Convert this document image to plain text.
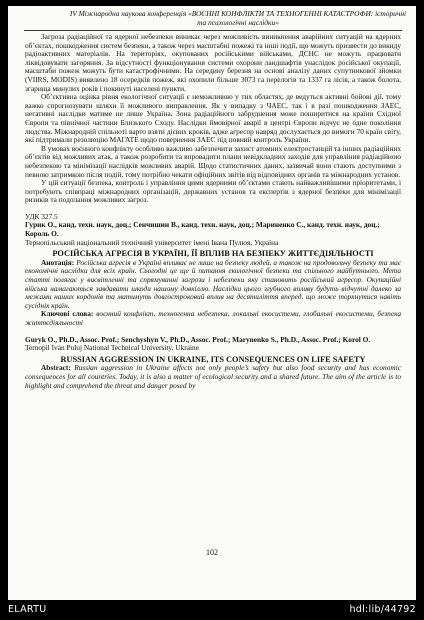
IV Міжнародна наукова конференція «ВОЄННІ КОНФЛІКТИ ТА ТЕХНОГЕННІ КАТАСТРОФИ: історичні
та психологічні наслідки»

Загроза радіаційної та ядерної небезпеки виникає через можливість виникнення аварійних ситуацій на ядерних об’єктах, пошкодження систем безпеки, а також через масштабні пожежі та інші події, що можуть призвести до викиду радіоактивних матеріалів. На територіях, окупованих російськими військами, ДСНС не можуть працювати ліквідовувати загоряння. За відсутності функціонування системи охорони ландшафтів унаслідок російської окупації, масштаби пожеж можуть бути катастрофічними. На середину березня на основі аналізу даних супутникової зйомки (VIIRS, MODIS) виявлено 18 осередків пожеж, які охопили більше 3073 га перелогів та 1337 га лісів, а також болота, згарища минулих років і покинуті населені пункти.

Об’єктивна оцінка рівня екологічної ситуації є неможливою у тих областях, де ведуться активні бойові дії, тому важко спрогнозувати шляхи її можливого виправлення. Як у випадку з ЧАЕС, так і в разі пошкодження ЗАЕС, негативні наслідки матиме не лише Україна. Зона радіаційного забруднення може поширитися на країни Східної Європи та північної частини Близького Сходу. Наслідки ймовірної аварії в центрі Європи відчує не одне покоління людства. Міжнародній спільноті варто взяти дієвих кроків, адже агресор навряд дослухається до вимоги 70 країн світу, які підтримали резолюцію МАГАТЕ щодо повернення ЗАЕС під повний контроль України.

В умовах воєнного конфлікту особливо важливо забезпечити захист атомних електростанцій та інших радіаційних об’єктів від можливих атак, а також розробити та впровадити плани невідкладних заходів для управління радіаційною небезпекою та мінімізації наслідків можливих аварій. Щодо статистичних даних, зазвичай вони стають доступними з певною затримкою після подій, тому потрібно чекати офіційних звітів від відповідних органів та міжнародних установ.

У цій ситуації безпека, контроль і управління цими ядерними об’єктами стають найважливішими пріоритетами, і потребують співпраці міжнародних організацій, державних установ та експертів з ядерної безпеки для мінімізації ризиків та подолання можливих загроз.

УДК 327.5

Гурик О., канд. техн. наук, доц.; Сенчишин В., канд. техн. наук, доц.; Мариненко С., канд. техн. наук, доц.; Король О.

Тернопільський національний технічний університет імені Івана Пулюя, Україна

РОСІЙСЬКА АГРЕСІЯ В УКРАЇНІ, ЇЇ ВПЛИВ НА БЕЗПЕКУ ЖИТТЄДІЯЛЬНОСТІ

Анотація: Російська агресія в Україні впливає не лише на безпеку людей, а також на продовольчу безпеку та має економічні наслідки для всіх країн. Сьогодні це ще й питання екологічної безпеки та спільного майбутнього. Мета статті полягає у висвітленні та спрямуванні загрози і небезпеки яку становить російський агресор. Окупаційні війська намагаються завдавати шкоди нашому довкіллю. Наслідки цього згубного впливу будуть відчутні далеко за межами наших кордонів та матимуть довгостроковий вплив на десятиліття вперед, що може торкнутися навіть сусідніх країн.

Ключові слова: воєнний конфлікт, техногенна небезпека, локальні екосистеми, глобальні екосистеми, безпека життєдіяльності

Guryk O., Ph.D., Assoc. Prof.; Senchyshyn V., Ph.D., Assoc. Prof.; Marynenko S., Ph.D., Assoc. Prof.; Korol O.

Ternopil Ivan Puluj National Technical University, Ukraine

RUSSIAN AGGRESSION IN UKRAINE, ITS CONSEQUENCES ON LIFE SAFETY

Abstract: Russian aggression in Ukraine affects not only people’s safety but also food security and has economic consequences for all countries. Today, it is also a matter of ecological security and a shared future. The aim of the article is to highlight and comprehend the threat and danger posed by

102
ELARTU	hdl:lib/44792
